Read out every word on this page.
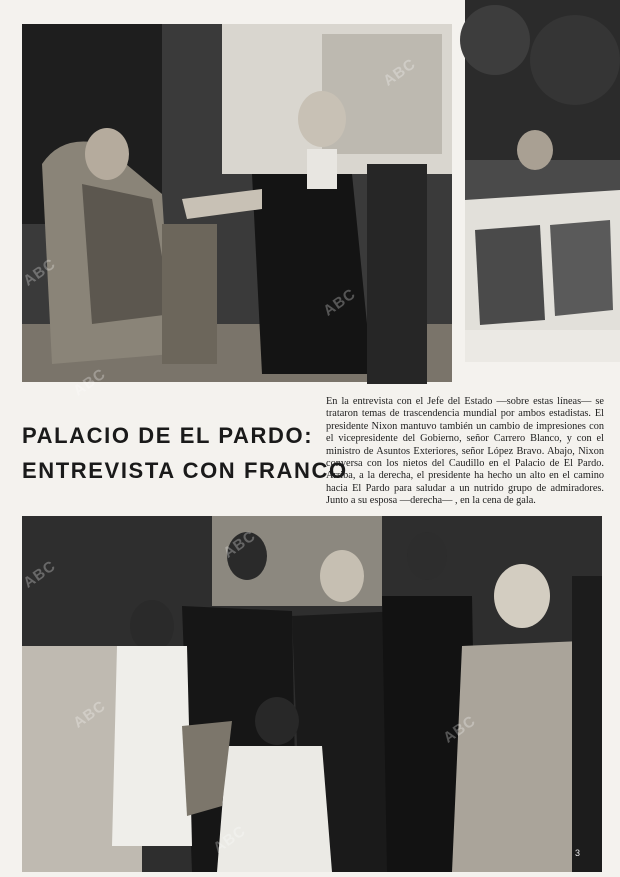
ABC
ABC
ABC
ABC
PALACIO DE EL PARDO:
ENTREVISTA CON FRANCO

En la entrevista con el Jefe del Estado —sobre estas líneas— se trataron temas de trascendencia mundial por ambos estadistas. El presidente Nixon mantuvo también un cambio de impresiones con el vicepresidente del Gobierno, señor Carrero Blanco, y con el ministro de Asuntos Exteriores, señor López Bravo. Abajo, Nixon conversa con los nietos del Caudillo en el Palacio de El Pardo. Arriba, a la derecha, el presidente ha hecho un alto en el camino hacia El Pardo para saludar a un nutrido grupo de admiradores. Junto a su esposa —derecha— , en la cena de gala.

ABC
ABC
ABC
ABC
ABC
3
